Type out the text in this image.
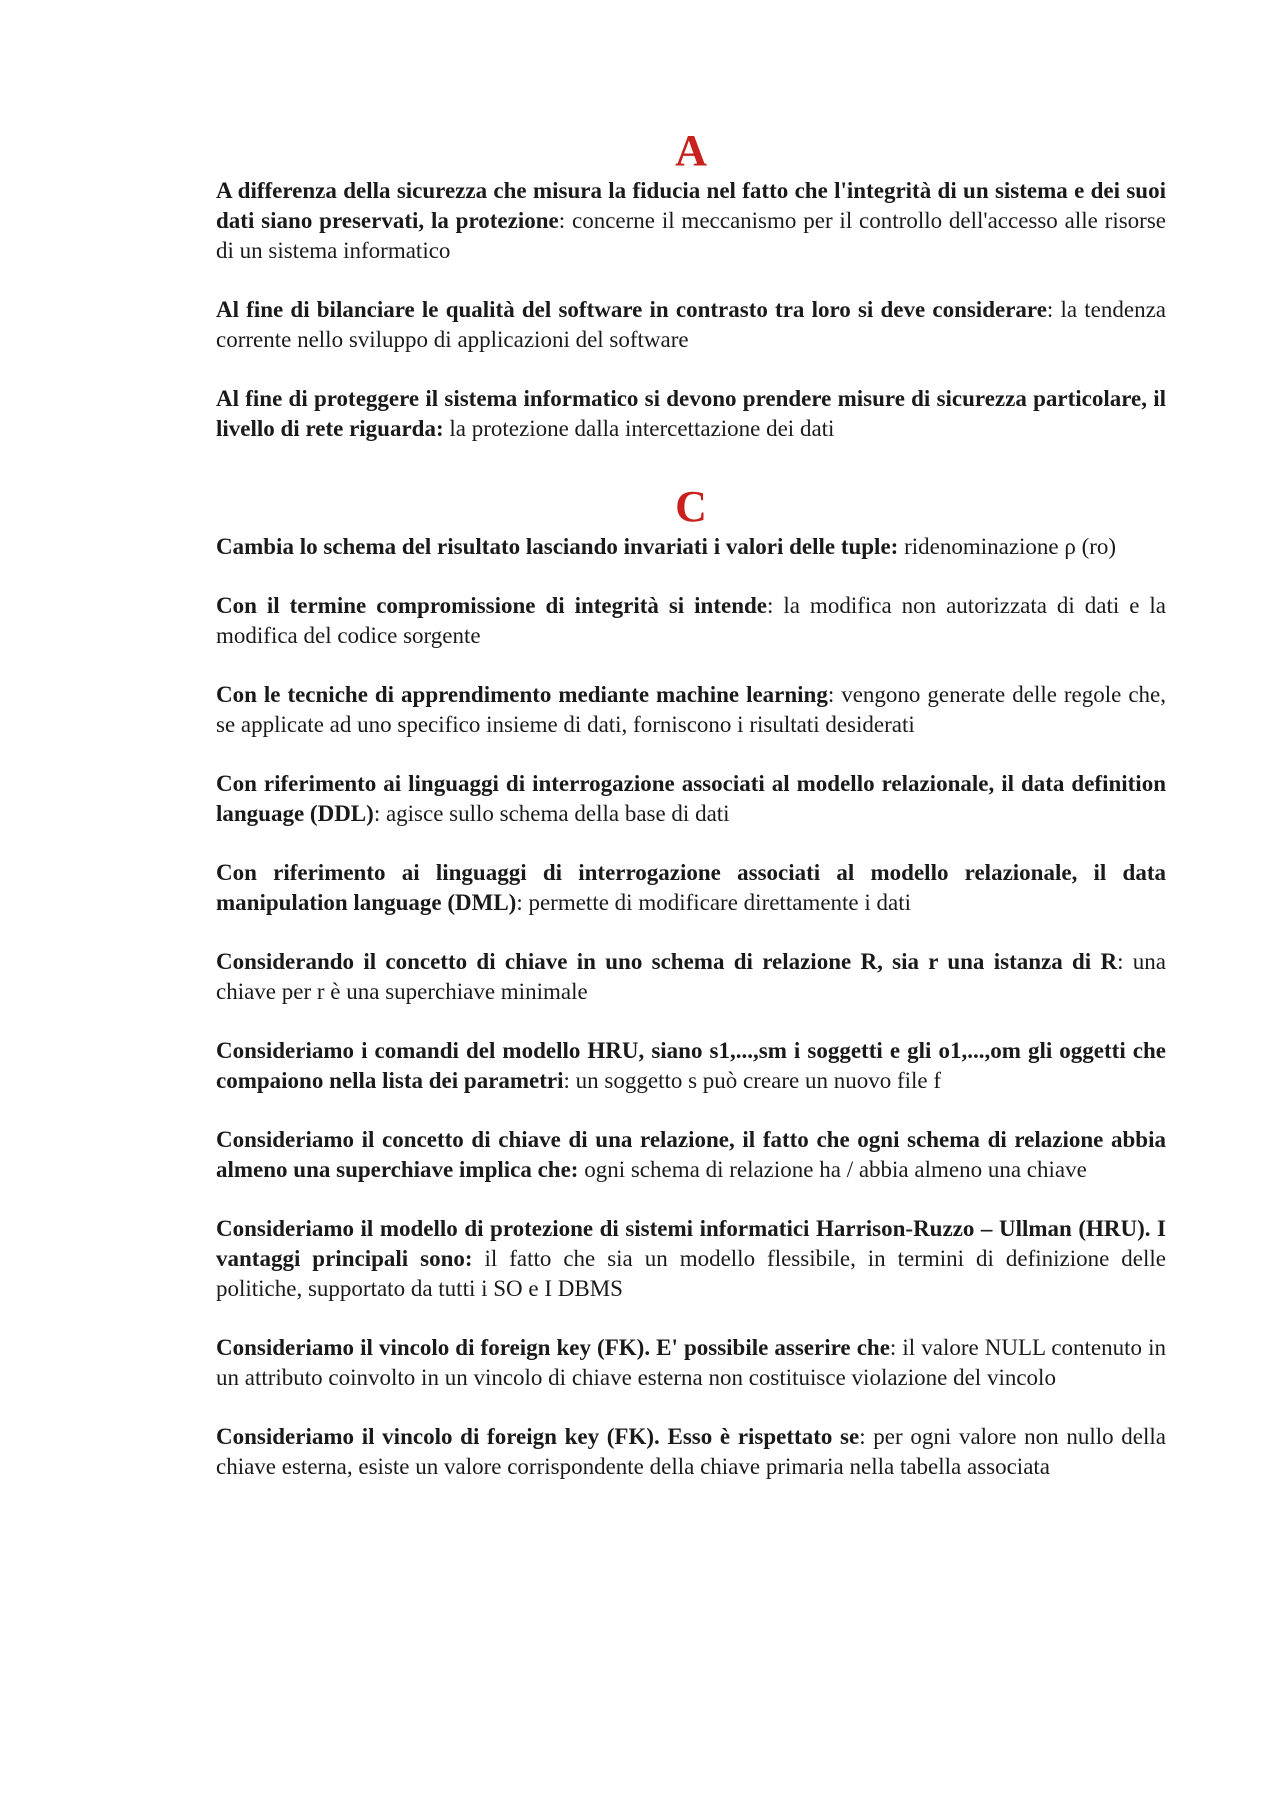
A

A differenza della sicurezza che misura la fiducia nel fatto che l'integrità di un sistema e dei suoi dati siano preservati, la protezione: concerne il meccanismo per il controllo dell'accesso alle risorse di un sistema informatico

Al fine di bilanciare le qualità del software in contrasto tra loro si deve considerare: la tendenza corrente nello sviluppo di applicazioni del software

Al fine di proteggere il sistema informatico si devono prendere misure di sicurezza particolare, il livello di rete riguarda: la protezione dalla intercettazione dei dati

C

Cambia lo schema del risultato lasciando invariati i valori delle tuple: ridenominazione ρ (ro)

Con il termine compromissione di integrità si intende: la modifica non autorizzata di dati e la modifica del codice sorgente

Con le tecniche di apprendimento mediante machine learning: vengono generate delle regole che, se applicate ad uno specifico insieme di dati, forniscono i risultati desiderati

Con riferimento ai linguaggi di interrogazione associati al modello relazionale, il data definition language (DDL): agisce sullo schema della base di dati

Con riferimento ai linguaggi di interrogazione associati al modello relazionale, il data manipulation language (DML): permette di modificare direttamente i dati

Considerando il concetto di chiave in uno schema di relazione R, sia r una istanza di R: una chiave per r è una superchiave minimale

Consideriamo i comandi del modello HRU, siano s1,...,sm i soggetti e gli o1,...,om gli oggetti che compaiono nella lista dei parametri: un soggetto s può creare un nuovo file f

Consideriamo il concetto di chiave di una relazione, il fatto che ogni schema di relazione abbia almeno una superchiave implica che: ogni schema di relazione ha / abbia almeno una chiave

Consideriamo il modello di protezione di sistemi informatici Harrison-Ruzzo – Ullman (HRU). I vantaggi principali sono: il fatto che sia un modello flessibile, in termini di definizione delle politiche, supportato da tutti i SO e I DBMS

Consideriamo il vincolo di foreign key (FK). E' possibile asserire che: il valore NULL contenuto in un attributo coinvolto in un vincolo di chiave esterna non costituisce violazione del vincolo

Consideriamo il vincolo di foreign key (FK). Esso è rispettato se: per ogni valore non nullo della chiave esterna, esiste un valore corrispondente della chiave primaria nella tabella associata
